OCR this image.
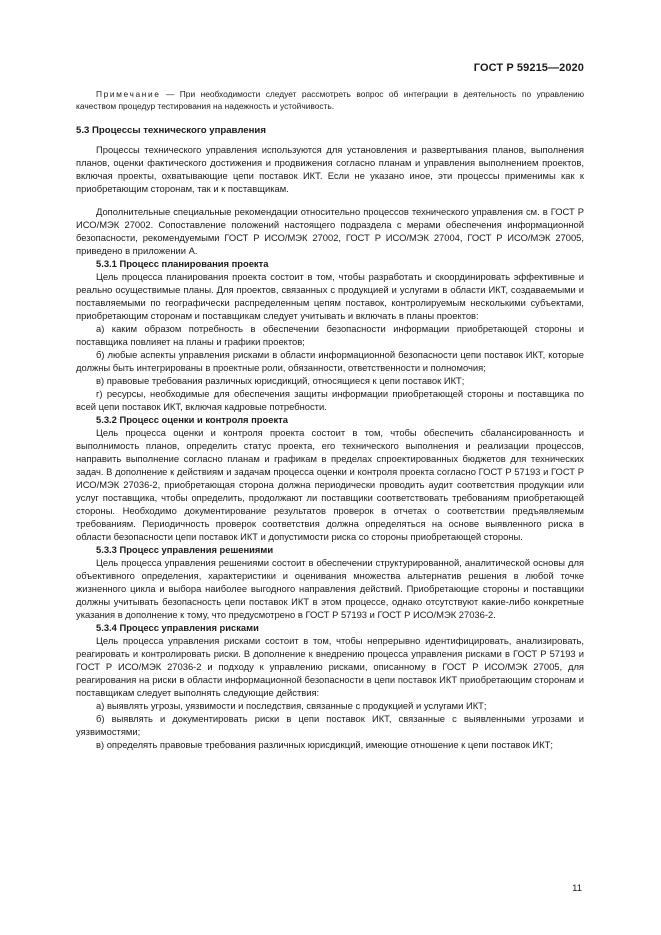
ГОСТ Р 59215—2020

Примечание — При необходимости следует рассмотреть вопрос об интеграции в деятельность по управлению качеством процедур тестирования на надежность и устойчивость.

5.3 Процессы технического управления

Процессы технического управления используются для установления и развертывания планов, выполнения планов, оценки фактического достижения и продвижения согласно планам и управления выполнением проектов, включая проекты, охватывающие цепи поставок ИКТ. Если не указано иное, эти процессы применимы как к приобретающим сторонам, так и к поставщикам.

Дополнительные специальные рекомендации относительно процессов технического управления см. в ГОСТ Р ИСО/МЭК 27002. Сопоставление положений настоящего подраздела с мерами обеспечения информационной безопасности, рекомендуемыми ГОСТ Р ИСО/МЭК 27002, ГОСТ Р ИСО/МЭК 27004, ГОСТ Р ИСО/МЭК 27005, приведено в приложении А.

5.3.1 Процесс планирования проекта

Цель процесса планирования проекта состоит в том, чтобы разработать и скоординировать эффективные и реально осуществимые планы. Для проектов, связанных с продукцией и услугами в области ИКТ, создаваемыми и поставляемыми по географически распределенным цепям поставок, контролируемым несколькими субъектами, приобретающим сторонам и поставщикам следует учитывать и включать в планы проектов:

а) каким образом потребность в обеспечении безопасности информации приобретающей стороны и поставщика повлияет на планы и графики проектов;

б) любые аспекты управления рисками в области информационной безопасности цепи поставок ИКТ, которые должны быть интегрированы в проектные роли, обязанности, ответственности и полномочия;

в) правовые требования различных юрисдикций, относящиеся к цепи поставок ИКТ;

г) ресурсы, необходимые для обеспечения защиты информации приобретающей стороны и поставщика по всей цепи поставок ИКТ, включая кадровые потребности.

5.3.2 Процесс оценки и контроля проекта

Цель процесса оценки и контроля проекта состоит в том, чтобы обеспечить сбалансированность и выполнимость планов, определить статус проекта, его технического выполнения и реализации процессов, направить выполнение согласно планам и графикам в пределах спроектированных бюджетов для технических задач. В дополнение к действиям и задачам процесса оценки и контроля проекта согласно ГОСТ Р 57193 и ГОСТ Р ИСО/МЭК 27036-2, приобретающая сторона должна периодически проводить аудит соответствия продукции или услуг поставщика, чтобы определить, продолжают ли поставщики соответствовать требованиям приобретающей стороны. Необходимо документирование результатов проверок в отчетах о соответствии предъявляемым требованиям. Периодичность проверок соответствия должна определяться на основе выявленного риска в области безопасности цепи поставок ИКТ и допустимости риска со стороны приобретающей стороны.

5.3.3 Процесс управления решениями

Цель процесса управления решениями состоит в обеспечении структурированной, аналитической основы для объективного определения, характеристики и оценивания множества альтернатив решения в любой точке жизненного цикла и выбора наиболее выгодного направления действий. Приобретающие стороны и поставщики должны учитывать безопасность цепи поставок ИКТ в этом процессе, однако отсутствуют какие-либо конкретные указания в дополнение к тому, что предусмотрено в ГОСТ Р 57193 и ГОСТ Р ИСО/МЭК 27036-2.

5.3.4 Процесс управления рисками

Цель процесса управления рисками состоит в том, чтобы непрерывно идентифицировать, анализировать, реагировать и контролировать риски. В дополнение к внедрению процесса управления рисками в ГОСТ Р 57193 и ГОСТ Р ИСО/МЭК 27036-2 и подходу к управлению рисками, описанному в ГОСТ Р ИСО/МЭК 27005, для реагирования на риски в области информационной безопасности в цепи поставок ИКТ приобретающим сторонам и поставщикам следует выполнять следующие действия:

а) выявлять угрозы, уязвимости и последствия, связанные с продукцией и услугами ИКТ;

б) выявлять и документировать риски в цепи поставок ИКТ, связанные с выявленными угрозами и уязвимостями;

в) определять правовые требования различных юрисдикций, имеющие отношение к цепи поставок ИКТ;

11
